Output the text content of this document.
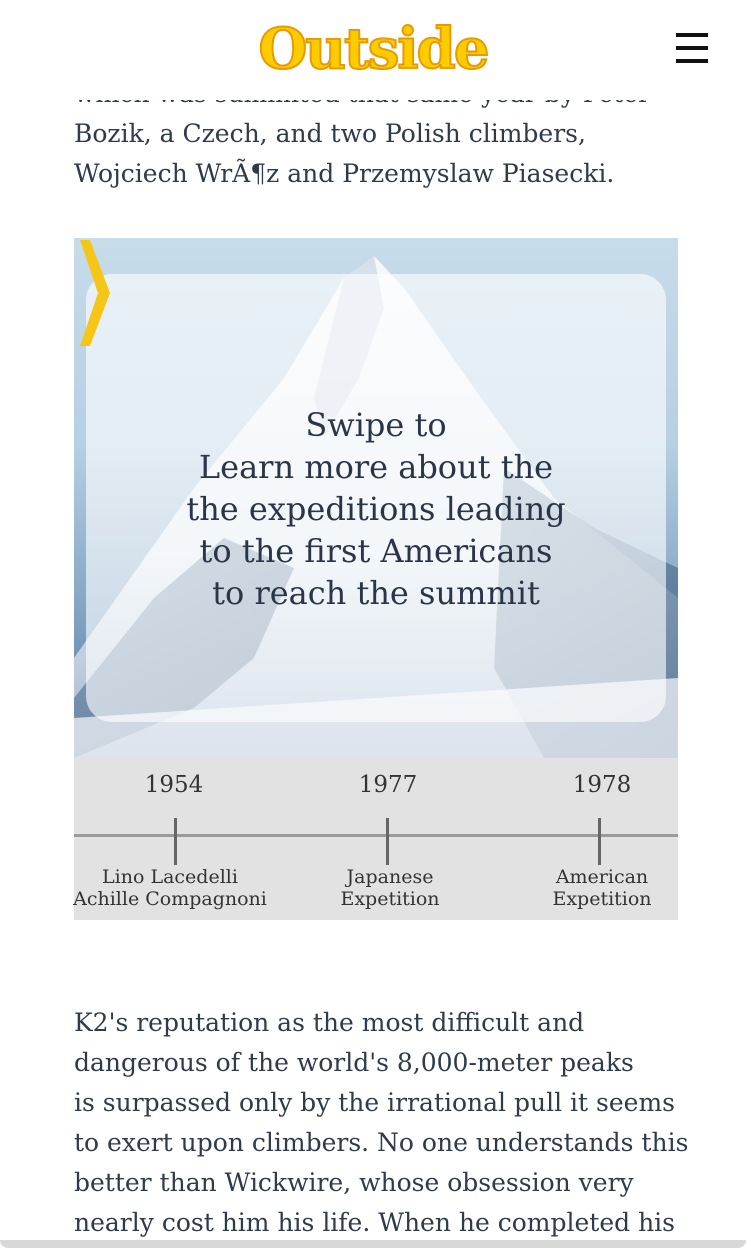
Outside
Bozik, a Czech, and two Polish climbers,
Wojciech WrÃ¶z and Przemyslaw Piasecki.
Swipe to
Learn more about the
the expeditions leading
to the first Americans
to reach the summit
1954
Lino Lacedelli
Achille Compagnoni
1977
Japanese
Expetition
1978
American
Expetition
K2's reputation as the most difficult and
dangerous of the world's 8,000-meter peaks
is surpassed only by the irrational pull it seems
to exert upon climbers. No one understands this
better than Wickwire, whose obsession very
nearly cost him his life. When he completed his
